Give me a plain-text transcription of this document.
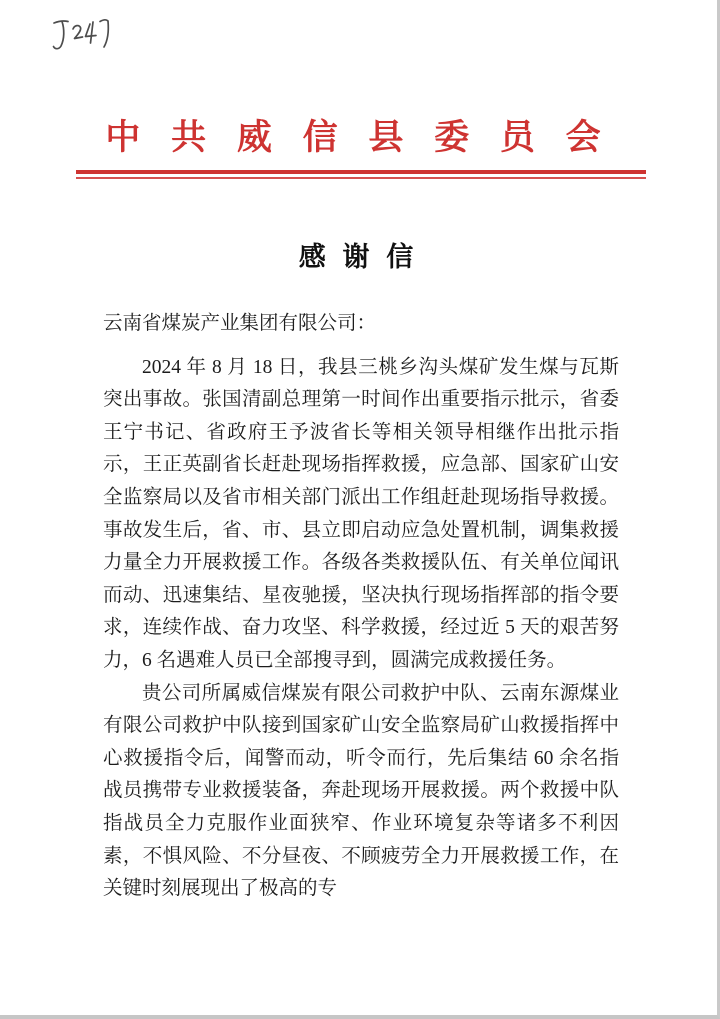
中 共 威 信 县 委 员 会
感 谢 信

云南省煤炭产业集团有限公司：

2024 年 8 月 18 日，我县三桃乡沟头煤矿发生煤与瓦斯突出事故。张国清副总理第一时间作出重要指示批示，省委王宁书记、省政府王予波省长等相关领导相继作出批示指示，王正英副省长赶赴现场指挥救援，应急部、国家矿山安全监察局以及省市相关部门派出工作组赶赴现场指导救援。事故发生后，省、市、县立即启动应急处置机制，调集救援力量全力开展救援工作。各级各类救援队伍、有关单位闻讯而动、迅速集结、星夜驰援，坚决执行现场指挥部的指令要求，连续作战、奋力攻坚、科学救援，经过近 5 天的艰苦努力，6 名遇难人员已全部搜寻到，圆满完成救援任务。

贵公司所属威信煤炭有限公司救护中队、云南东源煤业有限公司救护中队接到国家矿山安全监察局矿山救援指挥中心救援指令后，闻警而动，听令而行，先后集结 60 余名指战员携带专业救援装备，奔赴现场开展救援。两个救援中队指战员全力克服作业面狭窄、作业环境复杂等诸多不利因素，不惧风险、不分昼夜、不顾疲劳全力开展救援工作，在关键时刻展现出了极高的专
